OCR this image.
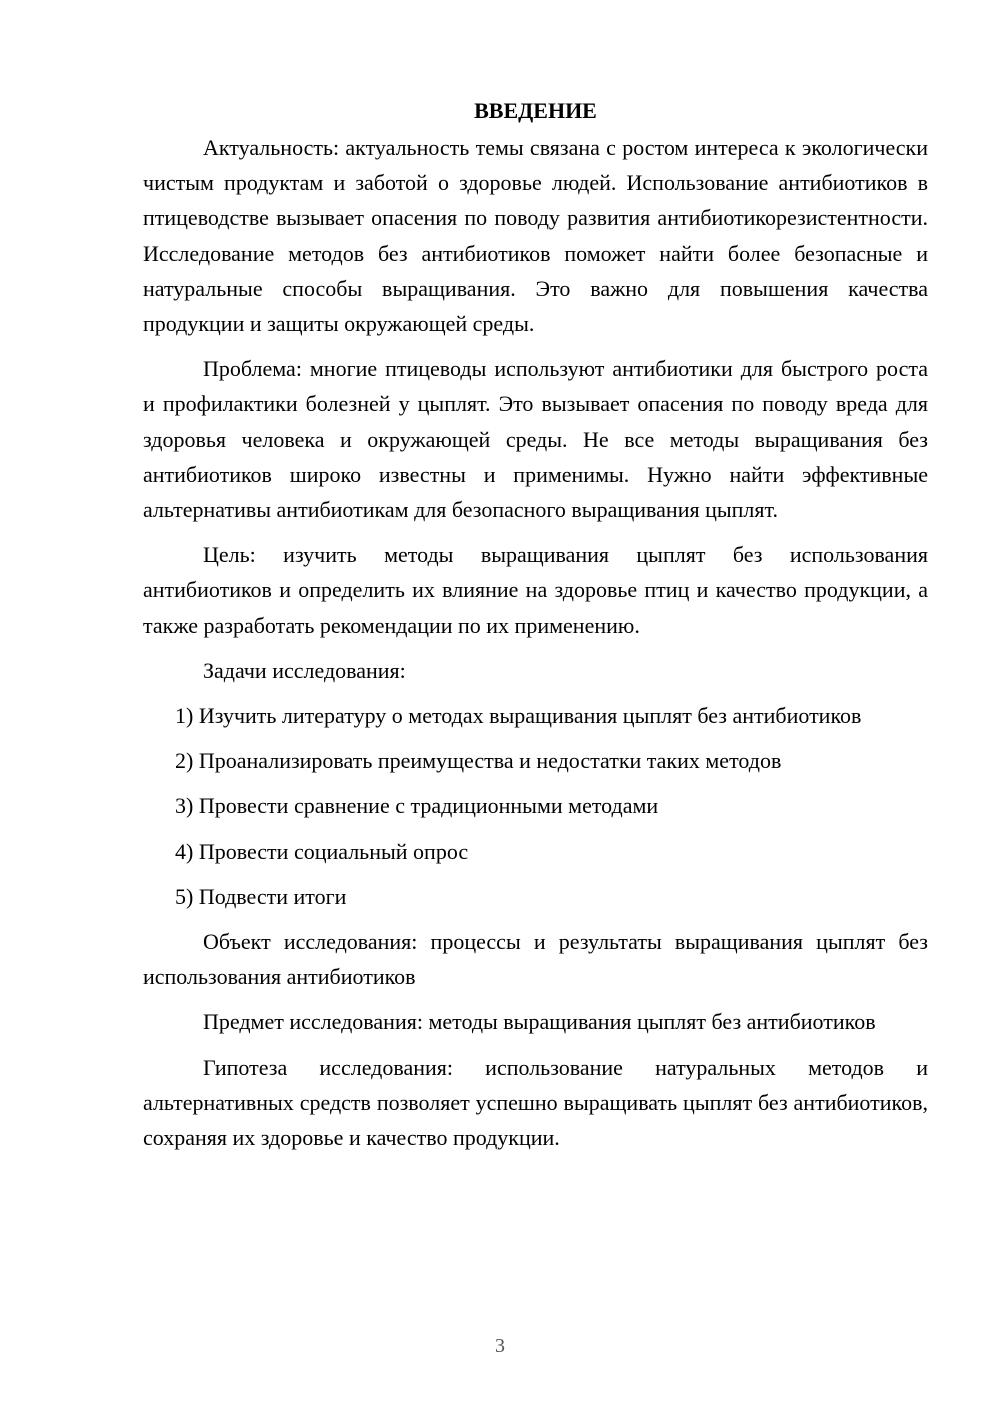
ВВЕДЕНИЕ

Актуальность: актуальность темы связана с ростом интереса к экологически чистым продуктам и заботой о здоровье людей. Использование антибиотиков в птицеводстве вызывает опасения по поводу развития антибиотикорезистентности. Исследование методов без антибиотиков поможет найти более безопасные и натуральные способы выращивания. Это важно для повышения качества продукции и защиты окружающей среды.

Проблема: многие птицеводы используют антибиотики для быстрого роста и профилактики болезней у цыплят. Это вызывает опасения по поводу вреда для здоровья человека и окружающей среды. Не все методы выращивания без антибиотиков широко известны и применимы. Нужно найти эффективные альтернативы антибиотикам для безопасного выращивания цыплят.

Цель: изучить методы выращивания цыплят без использования антибиотиков и определить их влияние на здоровье птиц и качество продукции, а также разработать рекомендации по их применению.

Задачи исследования:

1) Изучить литературу о методах выращивания цыплят без антибиотиков

2) Проанализировать преимущества и недостатки таких методов

3) Провести сравнение с традиционными методами

4) Провести социальный опрос

5) Подвести итоги

Объект исследования: процессы и результаты выращивания цыплят без использования антибиотиков

Предмет исследования: методы выращивания цыплят без антибиотиков

Гипотеза исследования: использование натуральных методов и альтернативных средств позволяет успешно выращивать цыплят без антибиотиков, сохраняя их здоровье и качество продукции.

3
